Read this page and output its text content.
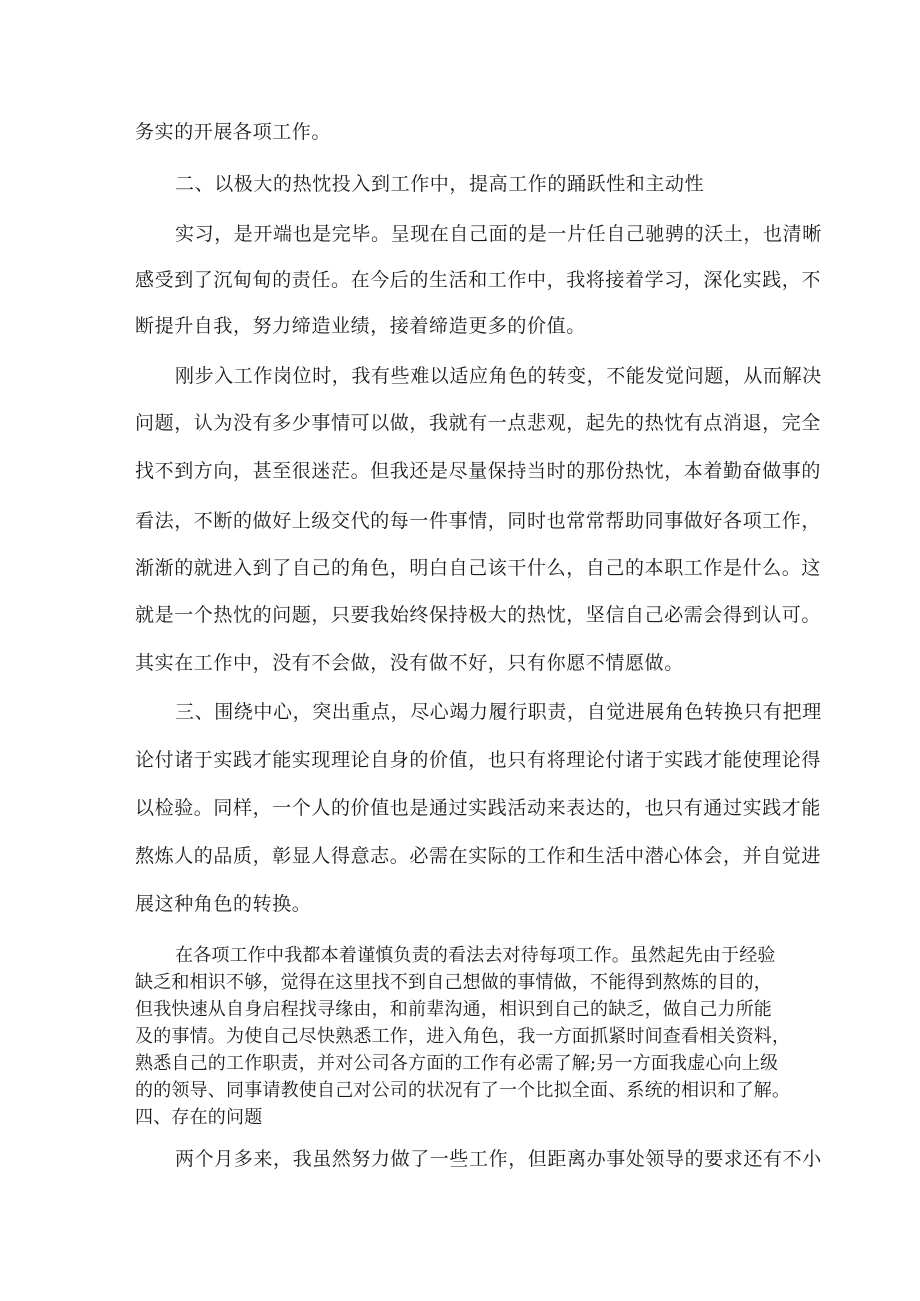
务实的开展各项工作。
二、以极大的热忱投入到工作中，提高工作的踊跃性和主动性
实习，是开端也是完毕。呈现在自己面的是一片任自己驰骋的沃土，也清晰
感受到了沉甸甸的责任。在今后的生活和工作中，我将接着学习，深化实践，不
断提升自我，努力缔造业绩，接着缔造更多的价值。
刚步入工作岗位时，我有些难以适应角色的转变，不能发觉问题，从而解决
问题，认为没有多少事情可以做，我就有一点悲观，起先的热忱有点消退，完全
找不到方向，甚至很迷茫。但我还是尽量保持当时的那份热忱，本着勤奋做事的
看法，不断的做好上级交代的每一件事情，同时也常常帮助同事做好各项工作，
渐渐的就进入到了自己的角色，明白自己该干什么，自己的本职工作是什么。这
就是一个热忱的问题，只要我始终保持极大的热忱，坚信自己必需会得到认可。
其实在工作中，没有不会做，没有做不好，只有你愿不情愿做。
三、围绕中心，突出重点，尽心竭力履行职责，自觉进展角色转换只有把理
论付诸于实践才能实现理论自身的价值，也只有将理论付诸于实践才能使理论得
以检验。同样，一个人的价值也是通过实践活动来表达的，也只有通过实践才能
熬炼人的品质，彰显人得意志。必需在实际的工作和生活中潜心体会，并自觉进
展这种角色的转换。
在各项工作中我都本着谨慎负责的看法去对待每项工作。虽然起先由于经验
缺乏和相识不够，觉得在这里找不到自己想做的事情做，不能得到熬炼的目的，
但我快速从自身启程找寻缘由，和前辈沟通，相识到自己的缺乏，做自己力所能
及的事情。为使自己尽快熟悉工作，进入角色，我一方面抓紧时间查看相关资料，
熟悉自己的工作职责，并对公司各方面的工作有必需了解;另一方面我虚心向上级
的的领导、同事请教使自己对公司的状况有了一个比拟全面、系统的相识和了解。
四、存在的问题
两个月多来，我虽然努力做了一些工作，但距离办事处领导的要求还有不小
